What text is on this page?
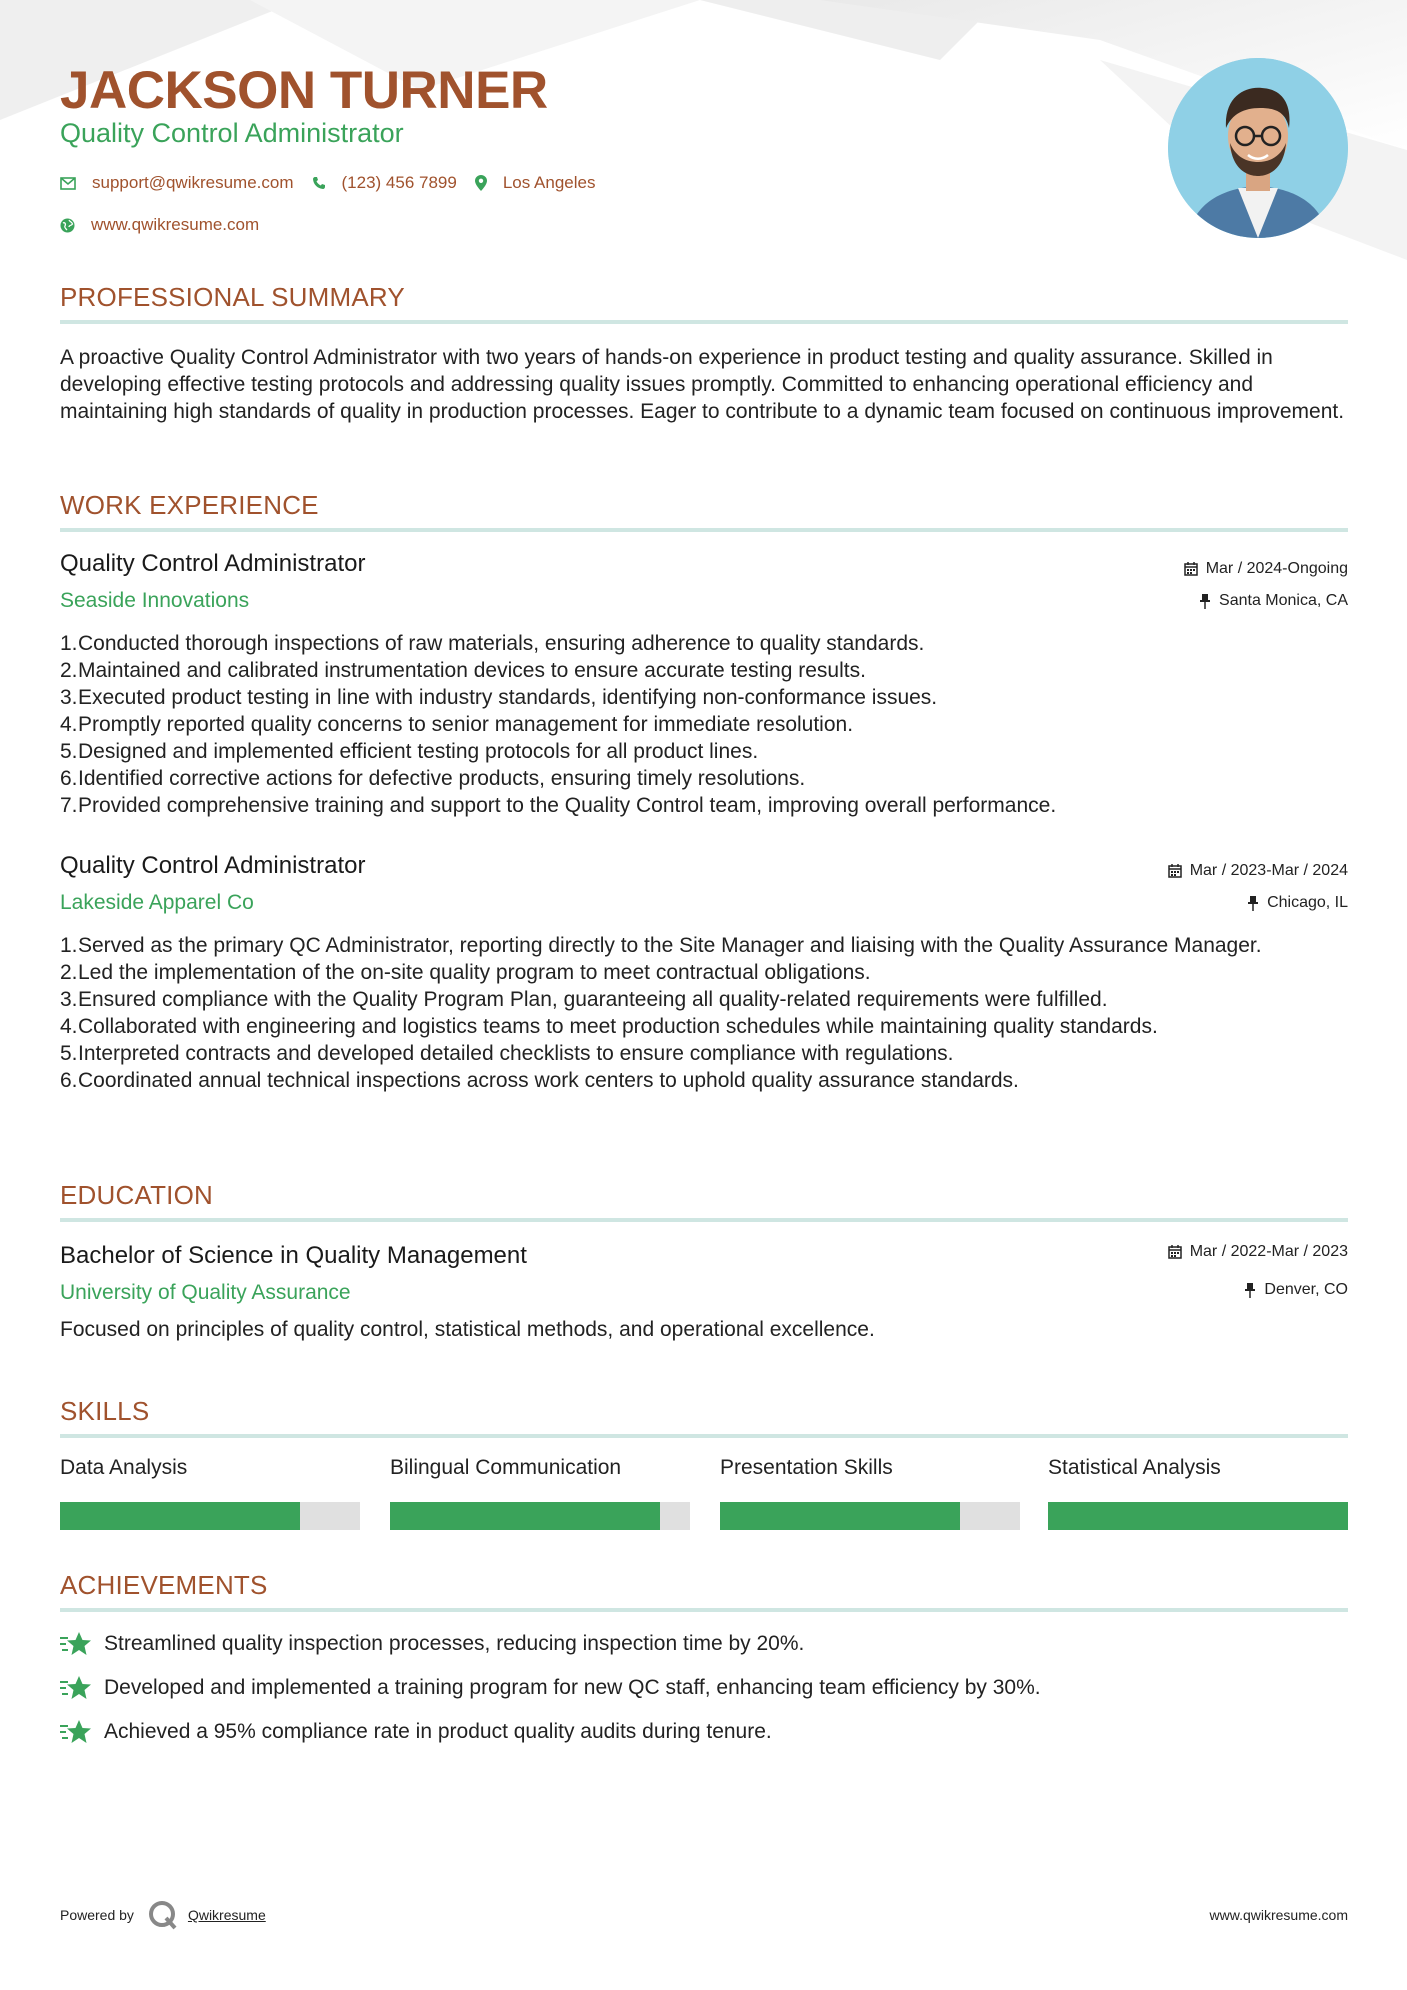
JACKSON TURNER
Quality Control Administrator
support@qwikresume.com	(123) 456 7899	Los Angeles
www.qwikresume.com
PROFESSIONAL SUMMARY
A proactive Quality Control Administrator with two years of hands-on experience in product testing and quality assurance. Skilled in developing effective testing protocols and addressing quality issues promptly. Committed to enhancing operational efficiency and maintaining high standards of quality in production processes. Eager to contribute to a dynamic team focused on continuous improvement.
WORK EXPERIENCE
Quality Control Administrator	Mar / 2024-Ongoing
Seaside Innovations	Santa Monica, CA
1. Conducted thorough inspections of raw materials, ensuring adherence to quality standards.
2. Maintained and calibrated instrumentation devices to ensure accurate testing results.
3. Executed product testing in line with industry standards, identifying non-conformance issues.
4. Promptly reported quality concerns to senior management for immediate resolution.
5. Designed and implemented efficient testing protocols for all product lines.
6. Identified corrective actions for defective products, ensuring timely resolutions.
7. Provided comprehensive training and support to the Quality Control team, improving overall performance.
Quality Control Administrator	Mar / 2023-Mar / 2024
Lakeside Apparel Co	Chicago, IL
1. Served as the primary QC Administrator, reporting directly to the Site Manager and liaising with the Quality Assurance Manager.
2. Led the implementation of the on-site quality program to meet contractual obligations.
3. Ensured compliance with the Quality Program Plan, guaranteeing all quality-related requirements were fulfilled.
4. Collaborated with engineering and logistics teams to meet production schedules while maintaining quality standards.
5. Interpreted contracts and developed detailed checklists to ensure compliance with regulations.
6. Coordinated annual technical inspections across work centers to uphold quality assurance standards.
EDUCATION
Bachelor of Science in Quality Management	Mar / 2022-Mar / 2023
University of Quality Assurance	Denver, CO
Focused on principles of quality control, statistical methods, and operational excellence.
SKILLS
Data Analysis	Bilingual Communication	Presentation Skills	Statistical Analysis
ACHIEVEMENTS
Streamlined quality inspection processes, reducing inspection time by 20%.
Developed and implemented a training program for new QC staff, enhancing team efficiency by 30%.
Achieved a 95% compliance rate in product quality audits during tenure.
Powered by	Qwikresume	www.qwikresume.com
